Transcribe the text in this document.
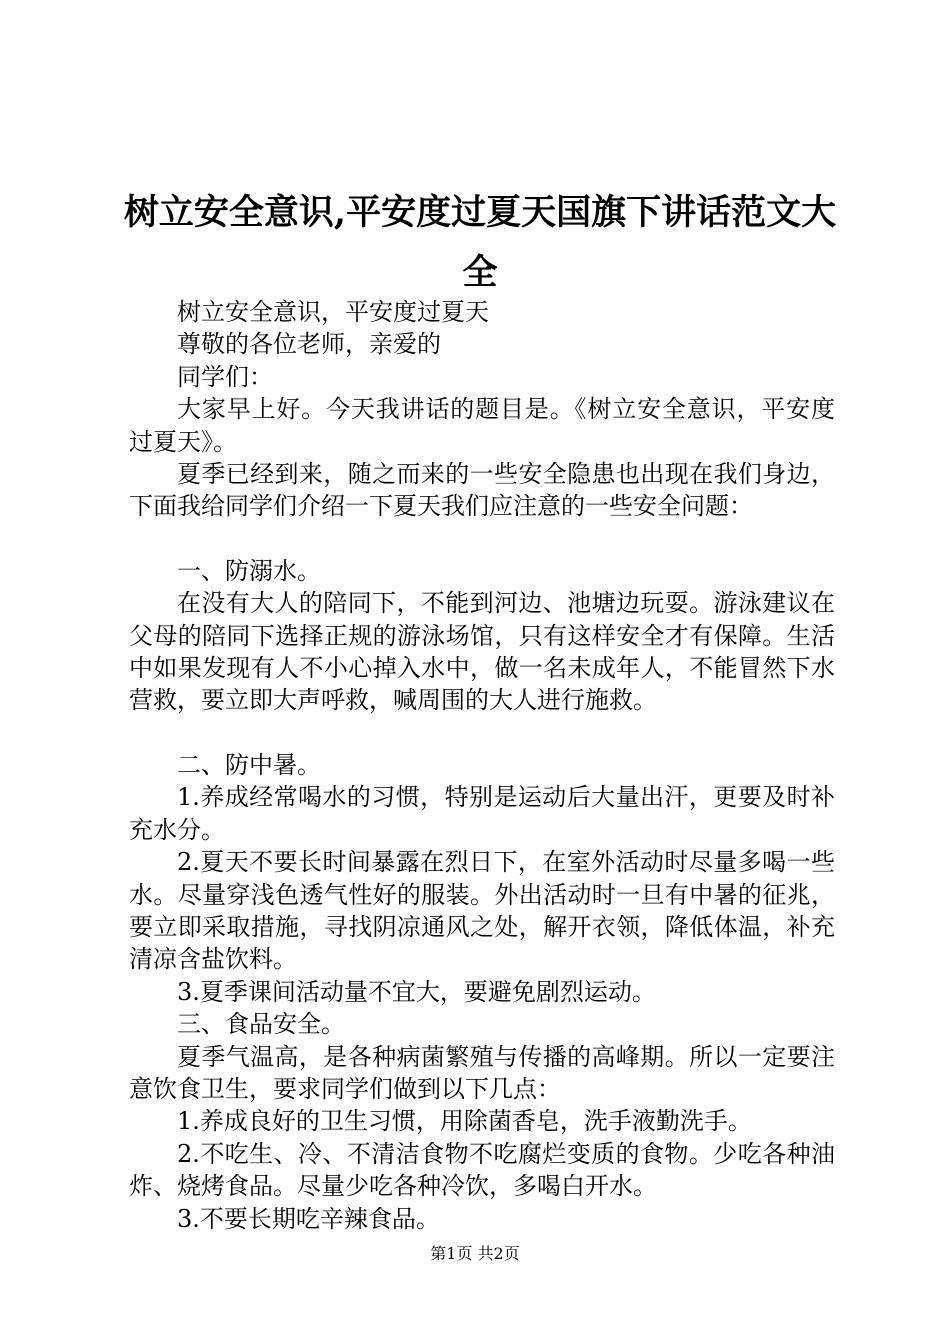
树立安全意识,平安度过夏天国旗下讲话范文大全

树立安全意识，平安度过夏天

尊敬的各位老师，亲爱的

同学们：

大家早上好。今天我讲话的题目是。《树立安全意识，平安度过夏天》。

夏季已经到来，随之而来的一些安全隐患也出现在我们身边，下面我给同学们介绍一下夏天我们应注意的一些安全问题：

一、防溺水。

在没有大人的陪同下，不能到河边、池塘边玩耍。游泳建议在父母的陪同下选择正规的游泳场馆，只有这样安全才有保障。生活中如果发现有人不小心掉入水中，做一名未成年人，不能冒然下水营救，要立即大声呼救，喊周围的大人进行施救。

二、防中暑。

1.养成经常喝水的习惯，特别是运动后大量出汗，更要及时补充水分。

2.夏天不要长时间暴露在烈日下，在室外活动时尽量多喝一些水。尽量穿浅色透气性好的服装。外出活动时一旦有中暑的征兆，要立即采取措施，寻找阴凉通风之处，解开衣领，降低体温，补充清凉含盐饮料。

3.夏季课间活动量不宜大，要避免剧烈运动。

三、食品安全。

夏季气温高，是各种病菌繁殖与传播的高峰期。所以一定要注意饮食卫生，要求同学们做到以下几点：

1.养成良好的卫生习惯，用除菌香皂，洗手液勤洗手。

2.不吃生、冷、不清洁食物不吃腐烂变质的食物。少吃各种油炸、烧烤食品。尽量少吃各种冷饮，多喝白开水。

3.不要长期吃辛辣食品。

第1页 共2页
